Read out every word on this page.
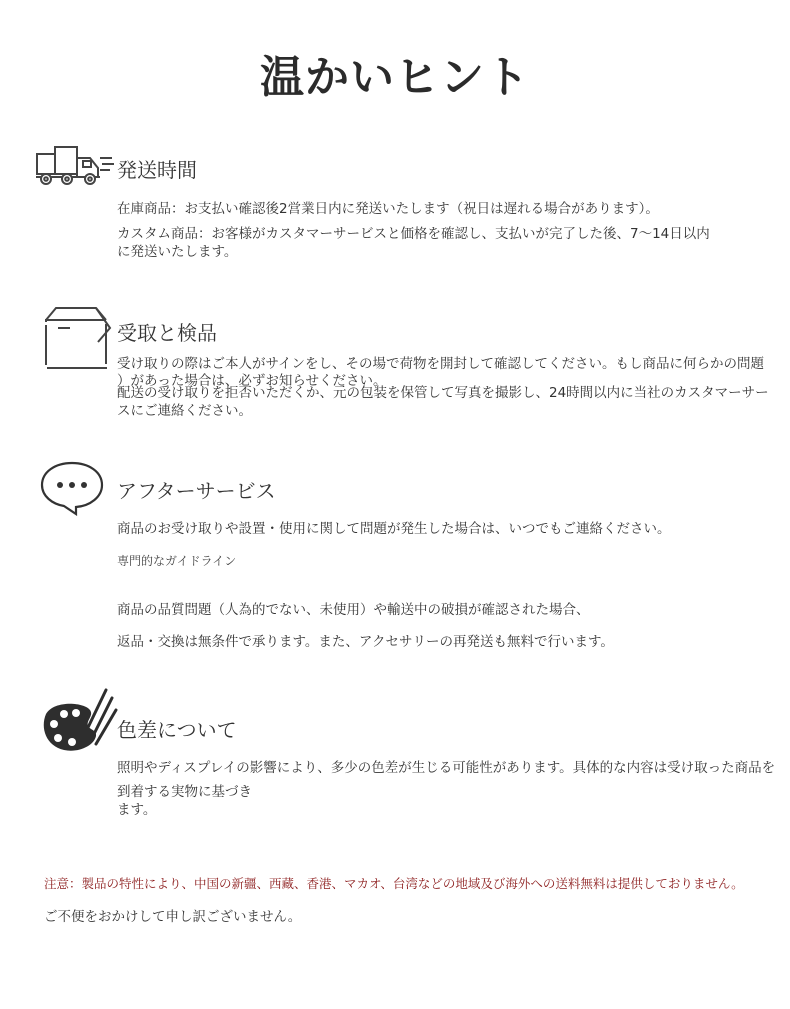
温かいヒント
発送時間
在庫商品：お支払い確認後2営業日内に発送いたします（祝日は遅れる場合があります）。
カスタム商品：お客様がカスタマーサービスと価格を確認し、支払いが完了した後、7〜14日以内
に発送いたします。
受取と検品
受け取りの際はご本人がサインをし、その場で荷物を開封して確認してください。もし商品に何らかの問題
）があった場合は、必ずお知らせください。
配送の受け取りを拒否いただくか、元の包装を保管して写真を撮影し、24時間以内に当社のカスタマーサー
スにご連絡ください。
アフターサービス
商品のお受け取りや設置・使用に関して問題が発生した場合は、いつでもご連絡ください。
専門的なガイドライン
商品の品質問題（人為的でない、未使用）や輸送中の破損が確認された場合、
返品・交換は無条件で承ります。また、アクセサリーの再発送も無料で行います。
色差について
照明やディスプレイの影響により、多少の色差が生じる可能性があります。具体的な内容は受け取った商品を
到着する実物に基づき
ます。
注意：製品の特性により、中国の新疆、西藏、香港、マカオ、台湾などの地域及び海外への送料無料は提供しておりません。
ご不便をおかけして申し訳ございません。
